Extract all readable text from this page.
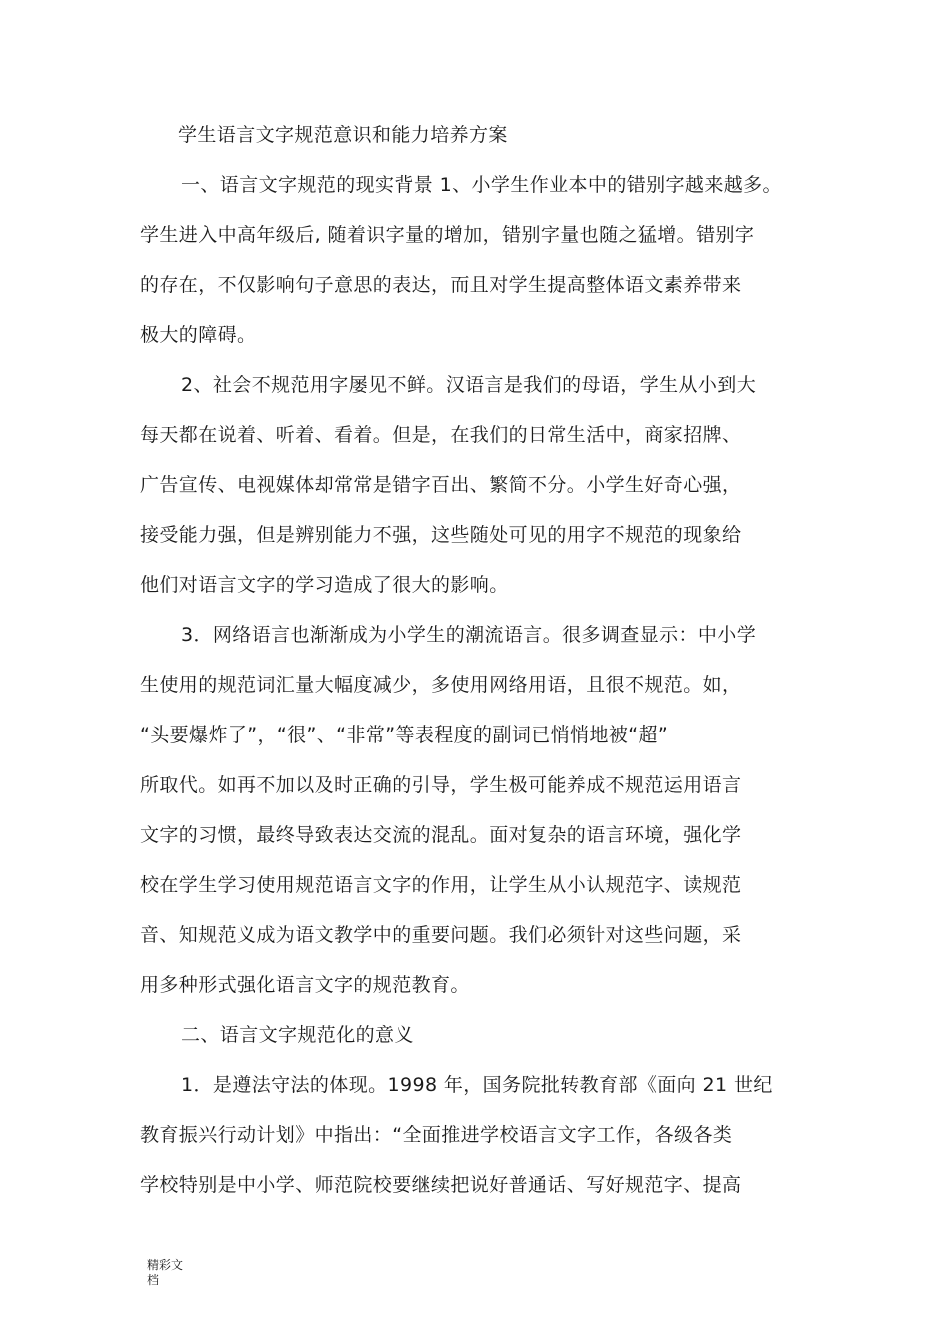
学生语言文字规范意识和能力培养方案
一、语言文字规范的现实背景 1、小学生作业本中的错别字越来越多。
学生进入中高年级后, 随着识字量的增加，错别字量也随之猛增。错别字
的存在，不仅影响句子意思的表达，而且对学生提高整体语文素养带来
极大的障碍。
2、社会不规范用字屡见不鲜。汉语言是我们的母语，学生从小到大
每天都在说着、听着、看着。但是，在我们的日常生活中，商家招牌、
广告宣传、电视媒体却常常是错字百出、繁简不分。小学生好奇心强，
接受能力强，但是辨别能力不强，这些随处可见的用字不规范的现象给
他们对语言文字的学习造成了很大的影响。
3．网络语言也渐渐成为小学生的潮流语言。很多调查显示：中小学
生使用的规范词汇量大幅度减少，多使用网络用语，且很不规范。如，
“头要爆炸了”，“很”、“非常”等表程度的副词已悄悄地被“超”
所取代。如再不加以及时正确的引导，学生极可能养成不规范运用语言
文字的习惯，最终导致表达交流的混乱。面对复杂的语言环境，强化学
校在学生学习使用规范语言文字的作用，让学生从小认规范字、读规范
音、知规范义成为语文教学中的重要问题。我们必须针对这些问题，采
用多种形式强化语言文字的规范教育。
二、语言文字规范化的意义
1．是遵法守法的体现。1998 年，国务院批转教育部《面向 21 世纪
教育振兴行动计划》中指出：“全面推进学校语言文字工作，各级各类
学校特别是中小学、师范院校要继续把说好普通话、写好规范字、提高
精彩文
档
